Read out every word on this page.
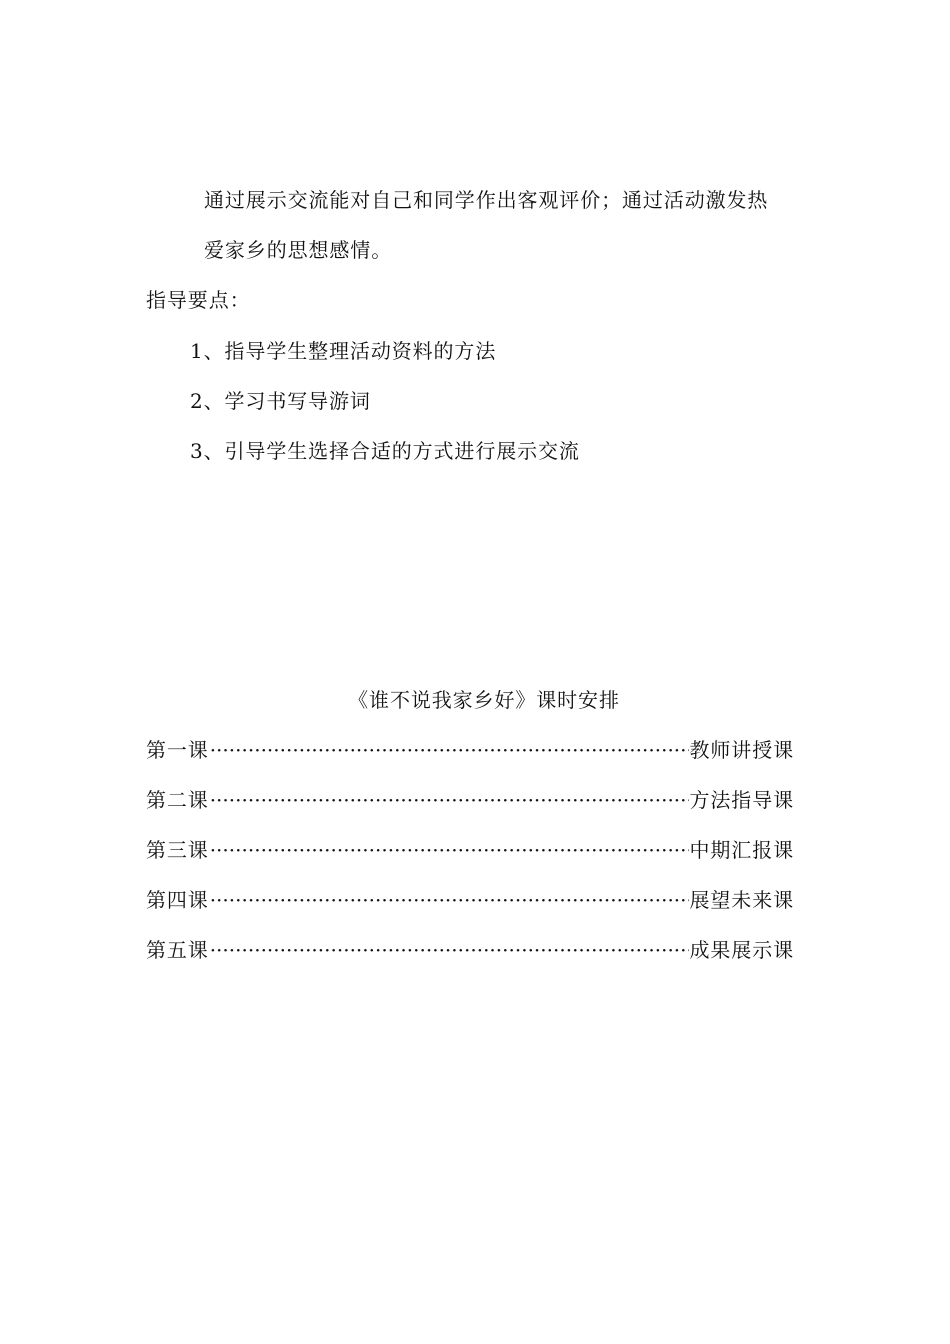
通过展示交流能对自己和同学作出客观评价；通过活动激发热

爱家乡的思想感情。

指导要点：

1、指导学生整理活动资料的方法

2、学习书写导游词

3、引导学生选择合适的方式进行展示交流

《谁不说我家乡好》课时安排

第一课 ·····	教师讲授课
第二课 ·····	方法指导课
第三课 ·····	中期汇报课
第四课 ·····	展望未来课
第五课 ·····	成果展示课
